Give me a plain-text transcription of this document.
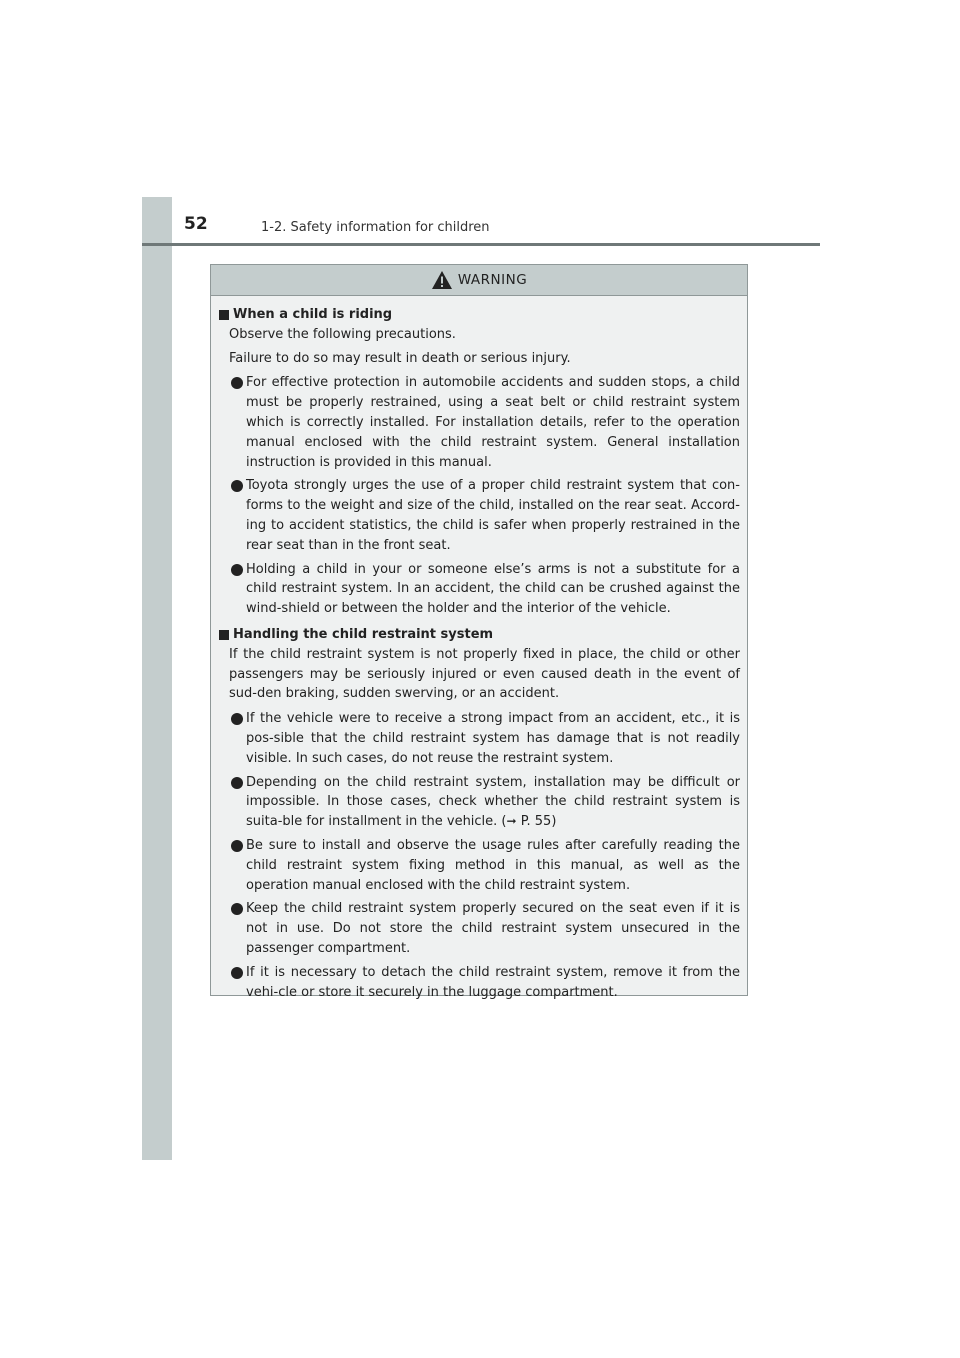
52	1-2. Safety information for children
WARNING
When a child is riding

Observe the following precautions.

Failure to do so may result in death or serious injury.

For effective protection in automobile accidents and sudden stops, a child must be properly restrained, using a seat belt or child restraint system which is correctly installed. For installation details, refer to the operation manual enclosed with the child restraint system. General installation instruction is provided in this manual.
Toyota strongly urges the use of a proper child restraint system that con-forms to the weight and size of the child, installed on the rear seat. Accord-ing to accident statistics, the child is safer when properly restrained in the rear seat than in the front seat.
Holding a child in your or someone else’s arms is not a substitute for a child restraint system. In an accident, the child can be crushed against the wind-shield or between the holder and the interior of the vehicle.
Handling the child restraint system

If the child restraint system is not properly fixed in place, the child or other passengers may be seriously injured or even caused death in the event of sud-den braking, sudden swerving, or an accident.

If the vehicle were to receive a strong impact from an accident, etc., it is pos-sible that the child restraint system has damage that is not readily visible. In such cases, do not reuse the restraint system.
Depending on the child restraint system, installation may be difficult or impossible. In those cases, check whether the child restraint system is suita-ble for installment in the vehicle. (➞ P. 55)
Be sure to install and observe the usage rules after carefully reading the child restraint system fixing method in this manual, as well as the operation manual enclosed with the child restraint system.
Keep the child restraint system properly secured on the seat even if it is not in use. Do not store the child restraint system unsecured in the passenger compartment.
If it is necessary to detach the child restraint system, remove it from the vehi-cle or store it securely in the luggage compartment.
